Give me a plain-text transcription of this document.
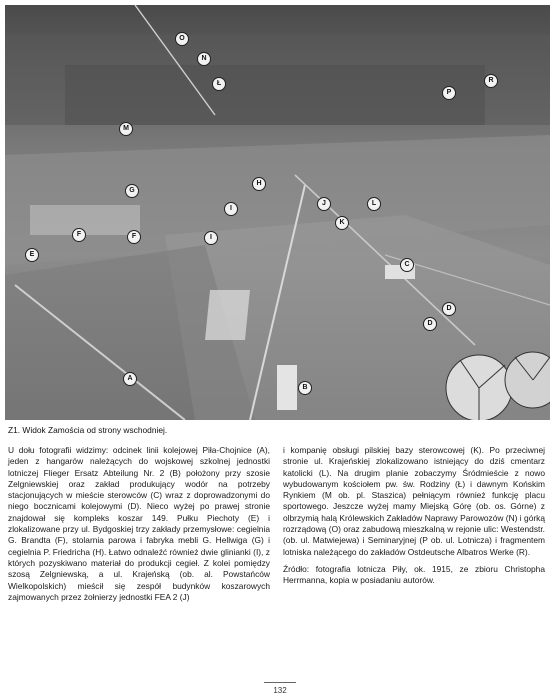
O
N
Ł	R
P
M
H
G
J	L
I
K
F	F	I
E
C
D
D
A
B
Z1. Widok Zamościa od strony wschodniej.

U dołu fotografii widzimy: odcinek linii kolejowej Piła-Chojnice (A), jeden z hangarów należących do wojskowej szkolnej jednostki lotniczej Flieger Ersatz Abteilung Nr. 2 (B) położony przy szosie Zelgniewskiej oraz zakład produkujący wodór na potrzeby stacjonujących w mieście sterowców (C) wraz z doprowadzonymi do niego bocznicami kolejowymi (D). Nieco wyżej po prawej stronie znajdował się kompleks koszar 149. Pułku Piechoty (E) i zlokalizowane przy ul. Bydgoskiej trzy zakłady przemysłowe: cegielnia G. Brandta (F), stolarnia parowa i fabryka mebli G. Hellwiga (G) i cegielnia P. Friedricha (H). Łatwo odnaleźć również dwie glinianki (I), z których pozyskiwano materiał do produkcji cegieł. Z kolei pomiędzy szosą Zelgniewską, a ul. Krajeńską (ob. al. Powstańców Wielkopolskich) mieścił się zespół budynków koszarowych zajmowanych przez żołnierzy jednostki FEA 2 (J)

i kompanię obsługi pilskiej bazy sterowcowej (K). Po przeciwnej stronie ul. Krajeńskiej zlokalizowano istniejący do dziś cmentarz katolicki (L). Na drugim planie zobaczymy Śródmieście z nowo wybudowanym kościołem pw. św. Rodziny (Ł) i dawnym Końskim Rynkiem (M ob. pl. Staszica) pełniącym również funkcję placu sportowego. Jeszcze wyżej mamy Miejską Górę (ob. os. Górne) z olbrzymią halą Królewskich Zakładów Naprawy Parowozów (N) i górką rozrządową (O) oraz zabudową mieszkalną w rejonie ulic: Westendstr. (ob. ul. Matwiejewa) i Seminaryjnej (P ob. ul. Lotnicza) i fragmentem lotniska należącego do zakładów Ostdeutsche Albatros Werke (R).

Źródło: fotografia lotnicza Piły, ok. 1915, ze zbioru Christopha Herrmanna, kopia w posiadaniu autorów.

132
